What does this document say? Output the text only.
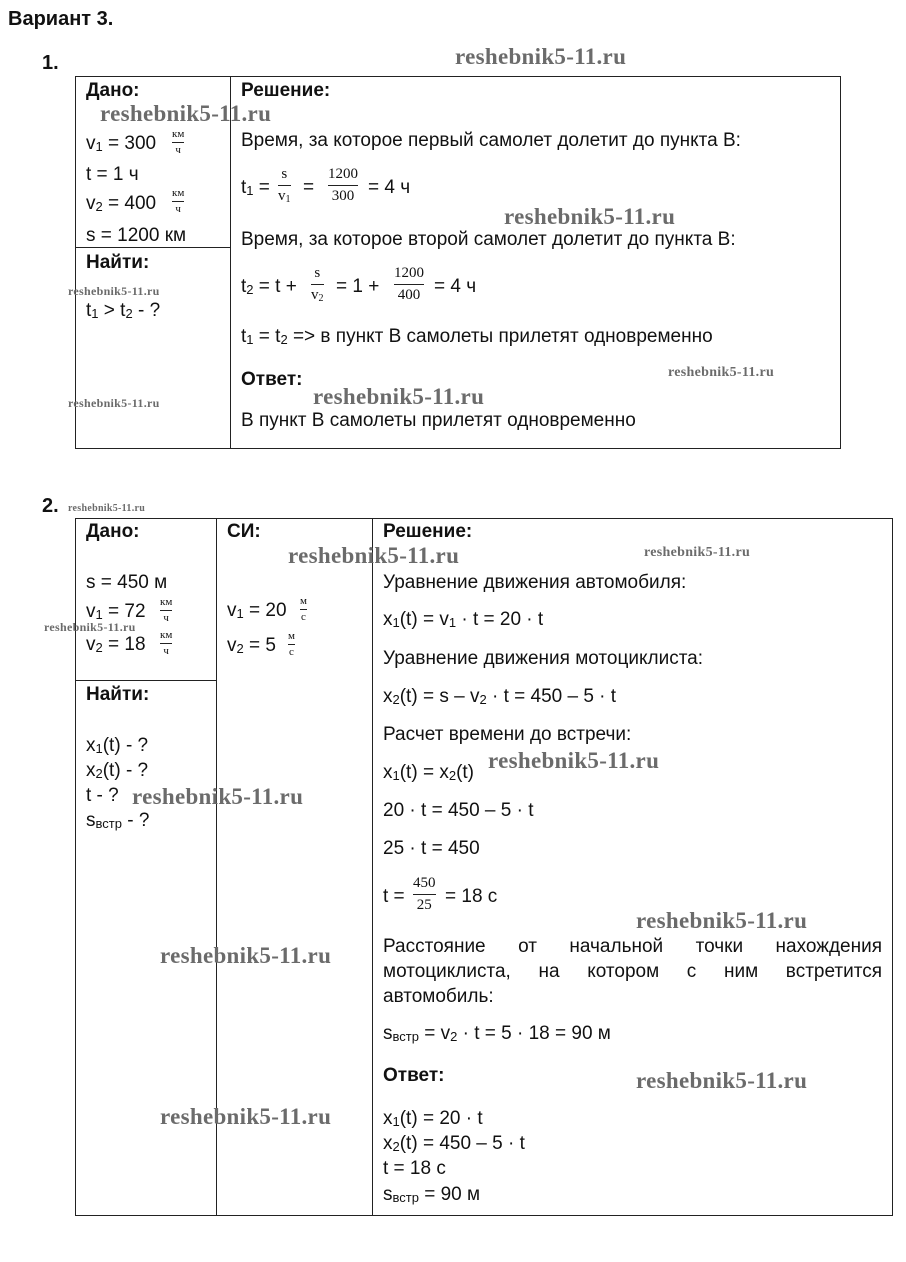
Вариант 3.
1.
Дано:
$v_1 = 300$ км
ч
t = 1 ч
$v_2 = 400$ км
ч
s = 1200 км
Найти:
$t_1 > t_2$ - ?
Решение:
Время, за которое первый самолет долетит до пункта В:
$t_1$ =
s
$v_1$
=
1200
300 = 4 ч
Время, за которое второй самолет долетит до пункта В:
$t_2 = t$ +
s
$v_2$
= 1 +
1200
400 = 4 ч
$t_1 = t_2 => в$ пункт В самолеты прилетят одновременно
Ответ:
В пункт В самолеты прилетят одновременно
2.
Дано:
s = 450 м
$v_1 = 72$ км
ч
$v_2 = 18$ км
ч
Найти:
$x_1(t)$ - ?
$x_2(t)$ - ?
t - ?
$s_{встр}$ - ?
СИ:
$v_1 = 20$ м
с
$v_2 = 5$ м
с
Решение:
Уравнение движения автомобиля:
$x_1(t) = v_1 \cdot t = 20 \cdot t$
Уравнение движения мотоциклиста:
$x_2(t) = s - v_2 \cdot t = 450 - 5 \cdot t$
Расчет времени до встречи:
$x_1(t) = x_2(t)$
20 · t = 450 – 5 · t
25 · t = 450
t =
450
25 = 18 с
Расстояние от начальной точки нахождения мотоциклиста, на котором с ним встретится автомобиль:
$s_{встр} = v_2 \cdot t = 5 \cdot 18 = 90$ м
Ответ:
$x_1(t) = 20 \cdot t$
$x_2(t) = 450 - 5 \cdot t$
t = 18 с
$s_{встр} = 90$ м
reshebnik5-11.ru
reshebnik5-11.ru
reshebnik5-11.ru
reshebnik5-11.ru
reshebnik5-11.ru
reshebnik5-11.ru
reshebnik5-11.ru
reshebnik5-11.ru
reshebnik5-11.ru	reshebnik5-11.ru
reshebnik5-11.ru
reshebnik5-11.ru
reshebnik5-11.ru
reshebnik5-11.ru
reshebnik5-11.ru
reshebnik5-11.ru
reshebnik5-11.ru
